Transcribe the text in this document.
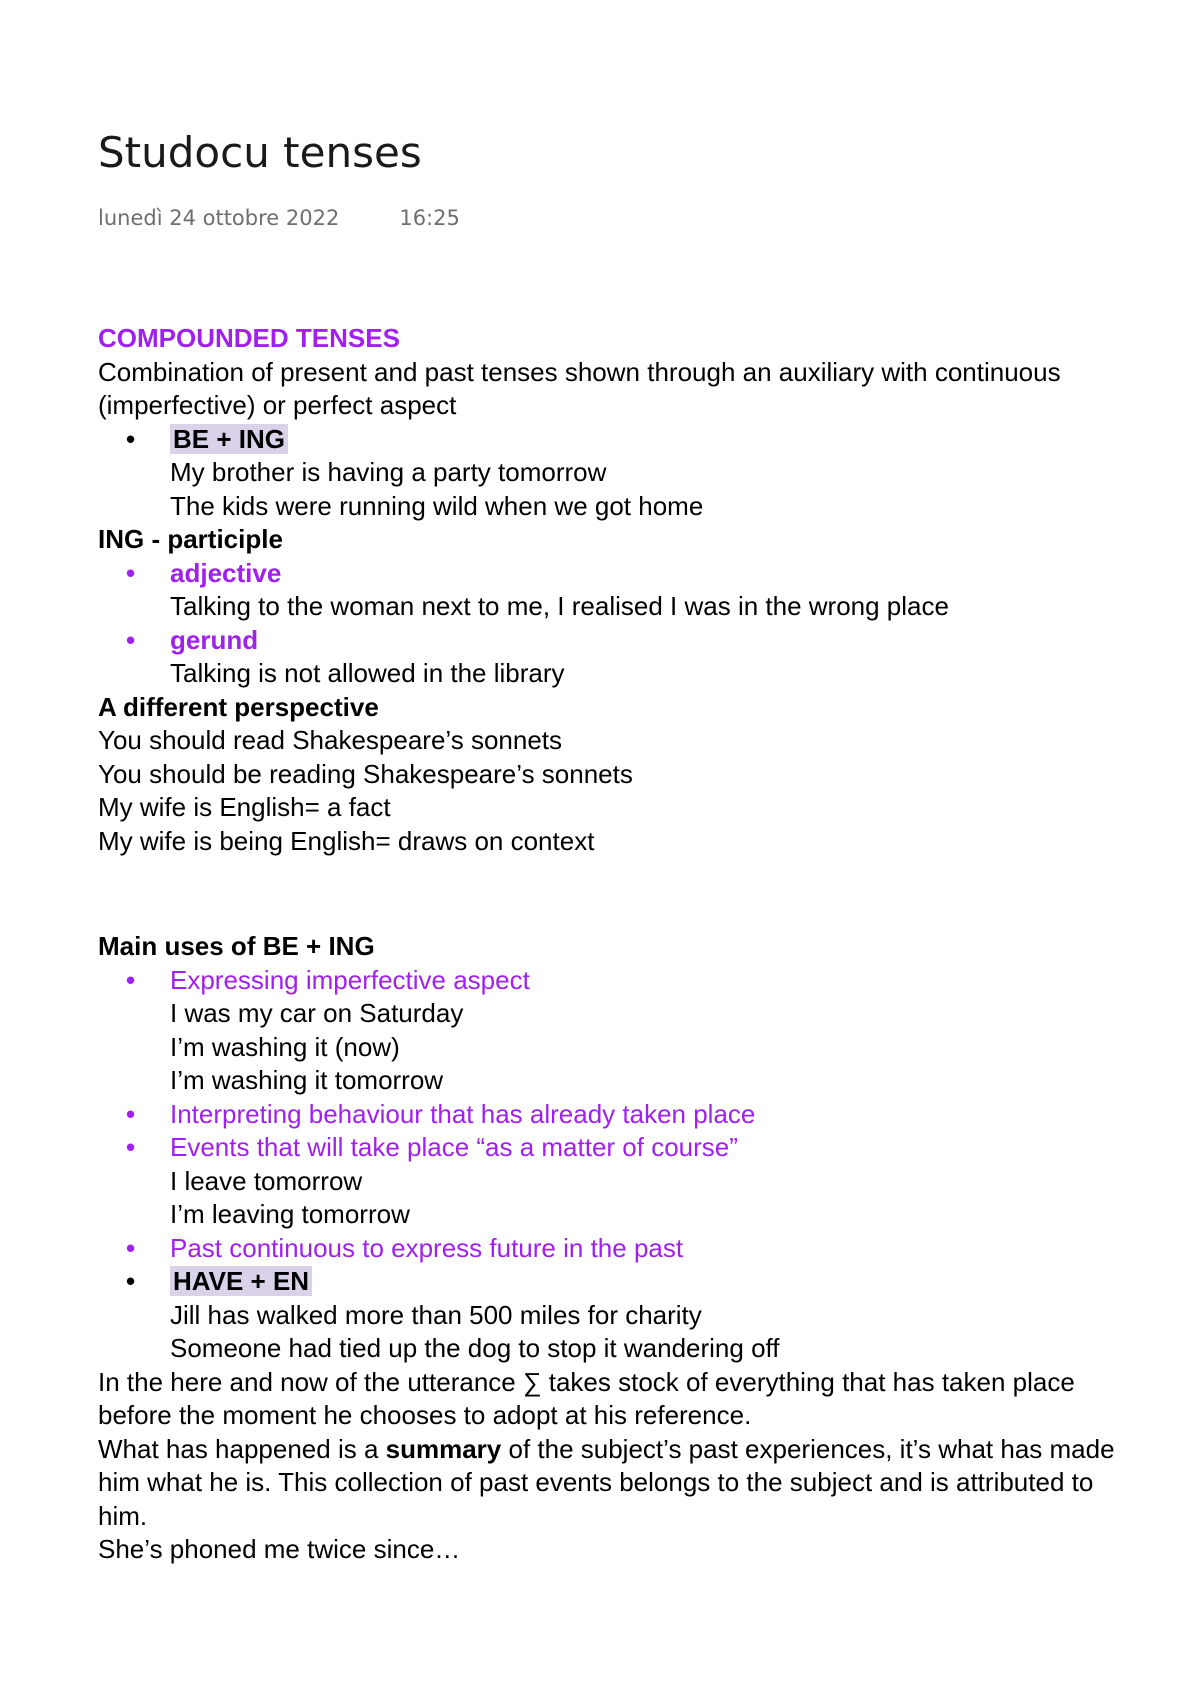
Studocu tenses
lunedì 24 ottobre 2022	16:25
COMPOUNDED TENSES
Combination of present and past tenses shown through an auxiliary with continuous
(imperfective) or perfect aspect
• BE + ING
My brother is having a party tomorrow
The kids were running wild when we got home
ING - participle
• adjective
Talking to the woman next to me, I realised I was in the wrong place
• gerund
Talking is not allowed in the library
A different perspective
You should read Shakespeare’s sonnets
You should be reading Shakespeare’s sonnets
My wife is English= a fact
My wife is being English= draws on context
Main uses of BE + ING
• Expressing imperfective aspect
I was my car on Saturday
I’m washing it (now)
I’m washing it tomorrow
• Interpreting behaviour that has already taken place
• Events that will take place “as a matter of course”
I leave tomorrow
I’m leaving tomorrow
• Past continuous to express future in the past
• HAVE + EN
Jill has walked more than 500 miles for charity
Someone had tied up the dog to stop it wandering off
In the here and now of the utterance ∑ takes stock of everything that has taken place
before the moment he chooses to adopt at his reference.
What has happened is a summary of the subject’s past experiences, it’s what has made
him what he is. This collection of past events belongs to the subject and is attributed to
him.
She’s phoned me twice since…
